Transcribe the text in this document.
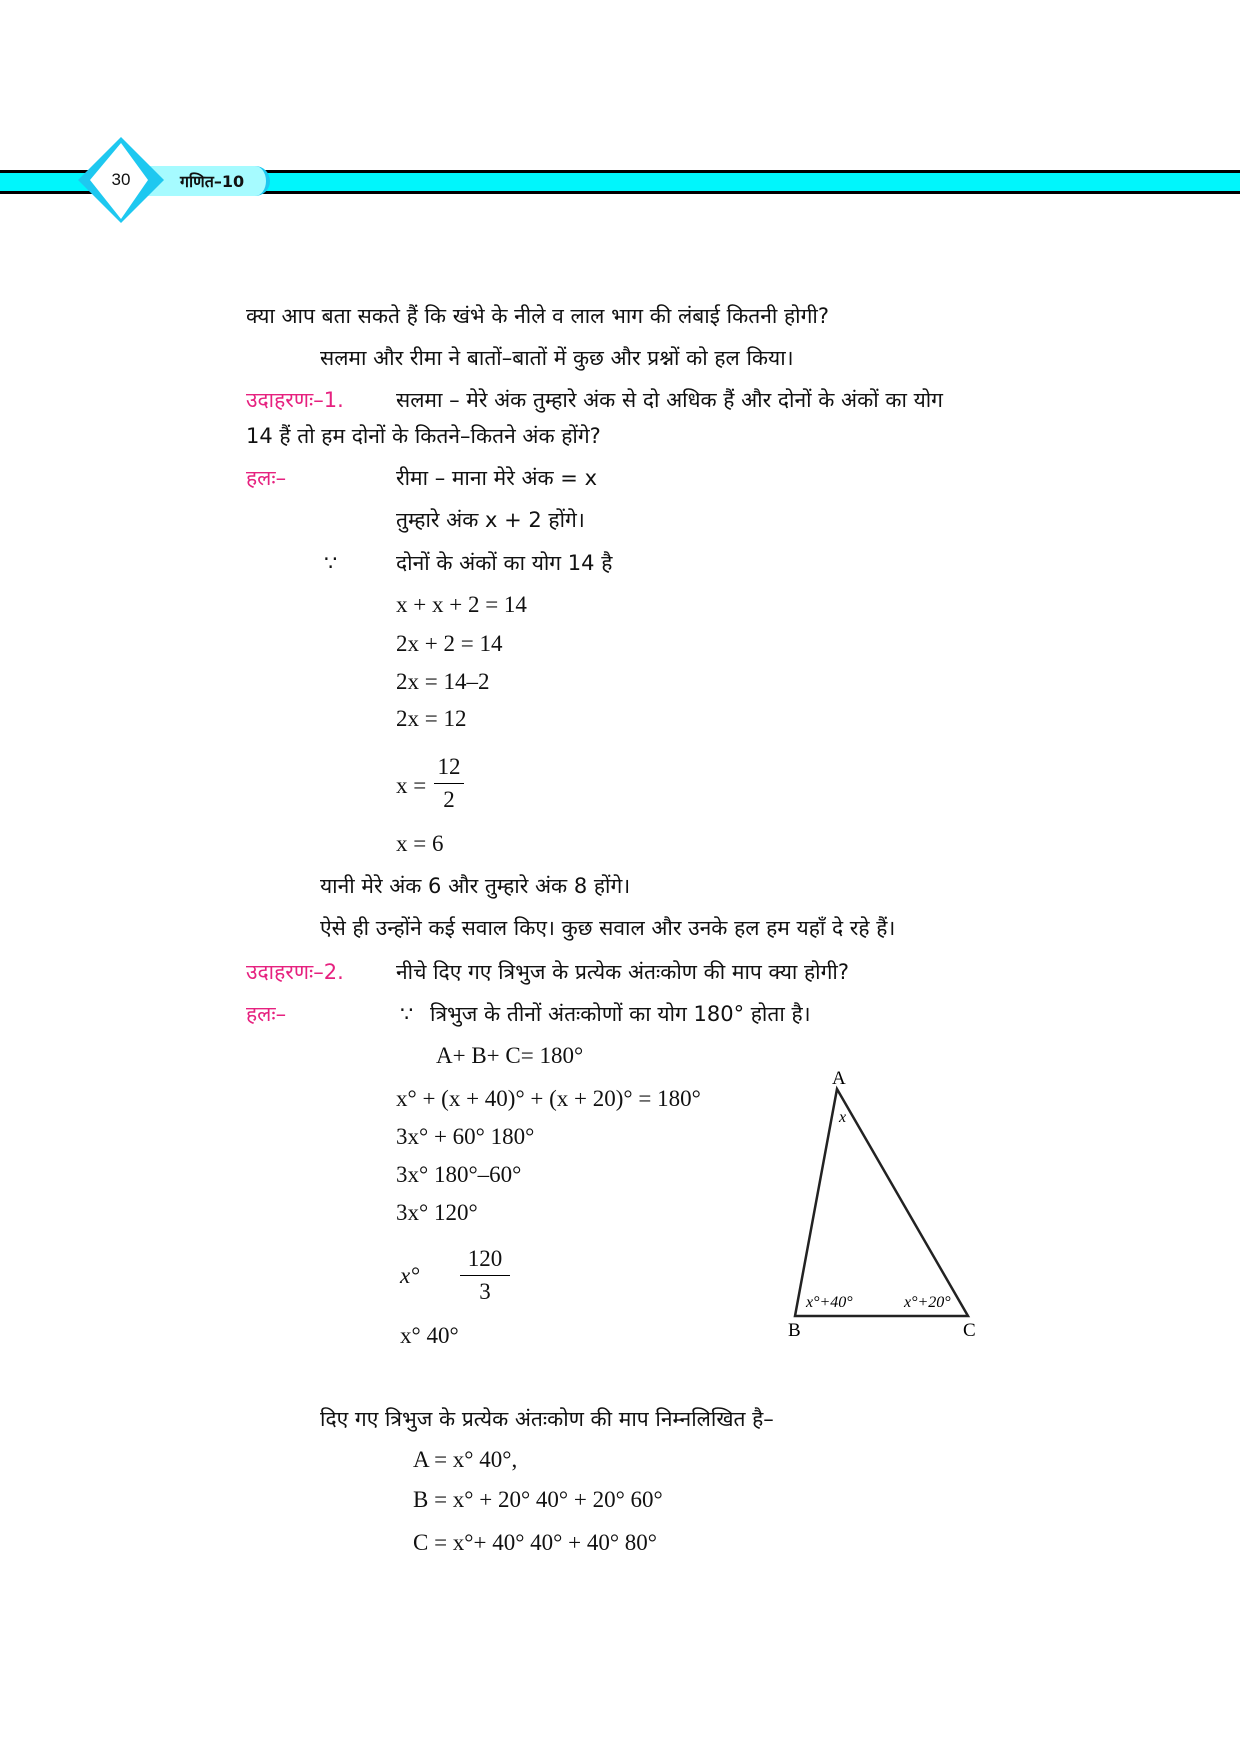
गणित–10
30
क्या आप बता सकते हैं कि खंभे के नीले व लाल भाग की लंबाई कितनी होगी?
सलमा और रीमा ने बातों–बातों में कुछ और प्रश्नों को हल किया।
उदाहरणः–1. सलमा – मेरे अंक तुम्हारे अंक से दो अधिक हैं और दोनों के अंकों का योग
14 हैं तो हम दोनों के कितने–कितने अंक होंगे?
हलः–	रीमा – माना मेरे अंक = x
तुम्हारे अंक x + 2 होंगे।
∵	दोनों के अंकों का योग 14 है
x + x + 2 = 14
2x + 2 = 14
2x = 14–2
2x = 12
x =
12
2
x = 6
यानी मेरे अंक 6 और तुम्हारे अंक 8 होंगे।
ऐसे ही उन्होंने कई सवाल किए। कुछ सवाल और उनके हल हम यहाँ दे रहे हैं।
उदाहरणः–2. नीचे दिए गए त्रिभुज के प्रत्येक अंतःकोण की माप क्या होगी?
हलः–	∵ त्रिभुज के तीनों अंतःकोणों का योग 180° होता है।
A+ B+ C= 180°
x° + (x + 40)° + (x + 20)° = 180°
3x° + 60° 180°
3x° 180°–60°
3x° 120°
x°
120
3
x° 40°
A
B	C
x
x°+40°	x°+20°
दिए गए त्रिभुज के प्रत्येक अंतःकोण की माप निम्नलिखित है–
A = x° 40°,
B = x° + 20° 40° + 20° 60°
C = x°+ 40° 40° + 40° 80°
